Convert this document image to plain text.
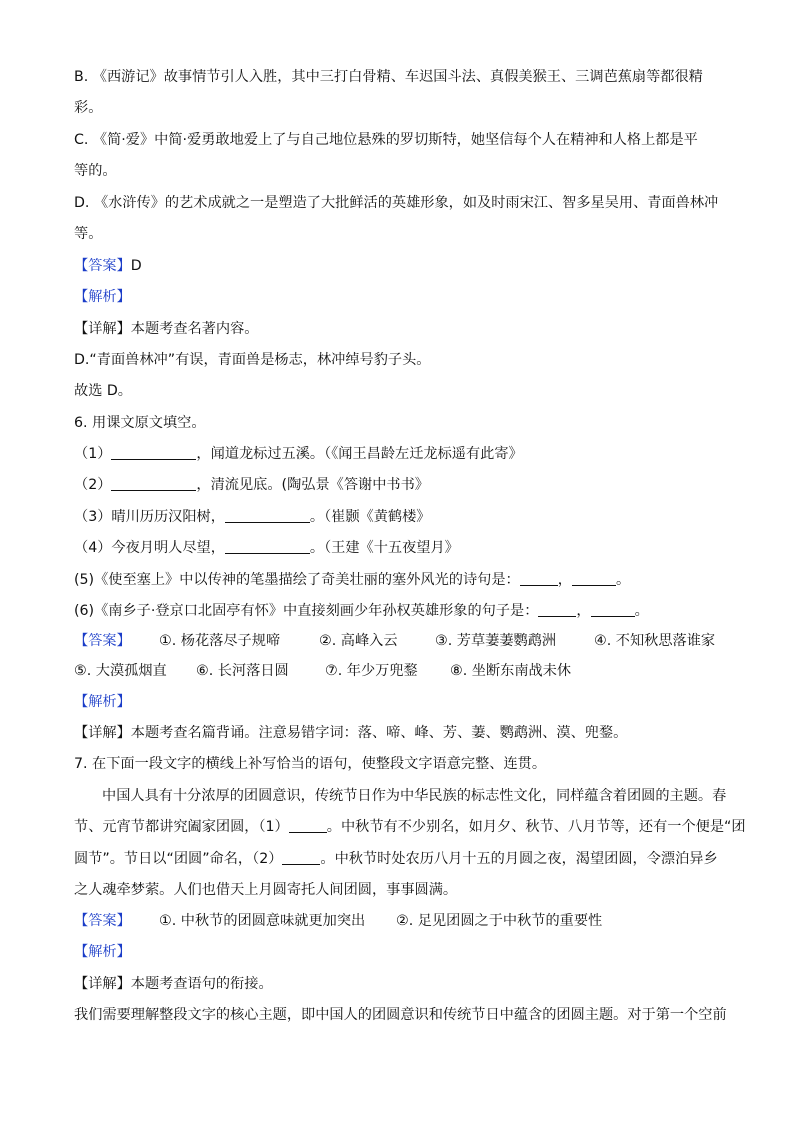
B. 《西游记》故事情节引人入胜，其中三打白骨精、车迟国斗法、真假美猴王、三调芭蕉扇等都很精
彩。
C. 《简·爱》中简·爱勇敢地爱上了与自己地位悬殊的罗切斯特，她坚信每个人在精神和人格上都是平
等的。
D. 《水浒传》的艺术成就之一是塑造了大批鲜活的英雄形象，如及时雨宋江、智多星吴用、青面兽林冲
等。
【答案】D
【解析】
【详解】本题考查名著内容。
D.“青面兽林冲”有误，青面兽是杨志，林冲绰号豹子头。
故选 D。
6. 用课文原文填空。
（1）	，闻道龙标过五溪。（《闻王昌龄左迁龙标遥有此寄》
（2）	，清流见底。(陶弘景《答谢中书书》
（3）晴川历历汉阳树，	。（崔颢《黄鹤楼》
（4）今夜月明人尽望，	。（王建《十五夜望月》
(5)《使至塞上》中以传神的笔墨描绘了奇美壮丽的塞外风光的诗句是：	，	。
(6)《南乡子·登京口北固亭有怀》中直接刻画少年孙权英雄形象的句子是：	，	。
【答案】 ①. 杨花落尽子规啼	②. 高峰入云	③. 芳草萋萋鹦鹉洲	④. 不知秋思落谁家
⑤. 大漠孤烟直 ⑥. 长河落日圆	⑦. 年少万兜鍪 ⑧. 坐断东南战未休
【解析】
【详解】本题考查名篇背诵。注意易错字词：落、啼、峰、芳、萋、鹦鹉洲、漠、兜鍪。
7. 在下面一段文字的横线上补写恰当的语句，使整段文字语意完整、连贯。
中国人具有十分浓厚的团圆意识，传统节日作为中华民族的标志性文化，同样蕴含着团圆的主题。春
节、元宵节都讲究阖家团圆，（1）	。中秋节有不少别名，如月夕、秋节、八月节等，还有一个便是“团
圆节”。节日以“团圆”命名，（2）	。中秋节时处农历八月十五的月圆之夜，渴望团圆，令漂泊异乡
之人魂牵梦萦。人们也借天上月圆寄托人间团圆，事事圆满。
【答案】 ①. 中秋节的团圆意味就更加突出 ②. 足见团圆之于中秋节的重要性
【解析】
【详解】本题考查语句的衔接。
我们需要理解整段文字的核心主题，即中国人的团圆意识和传统节日中蕴含的团圆主题。对于第一个空前
